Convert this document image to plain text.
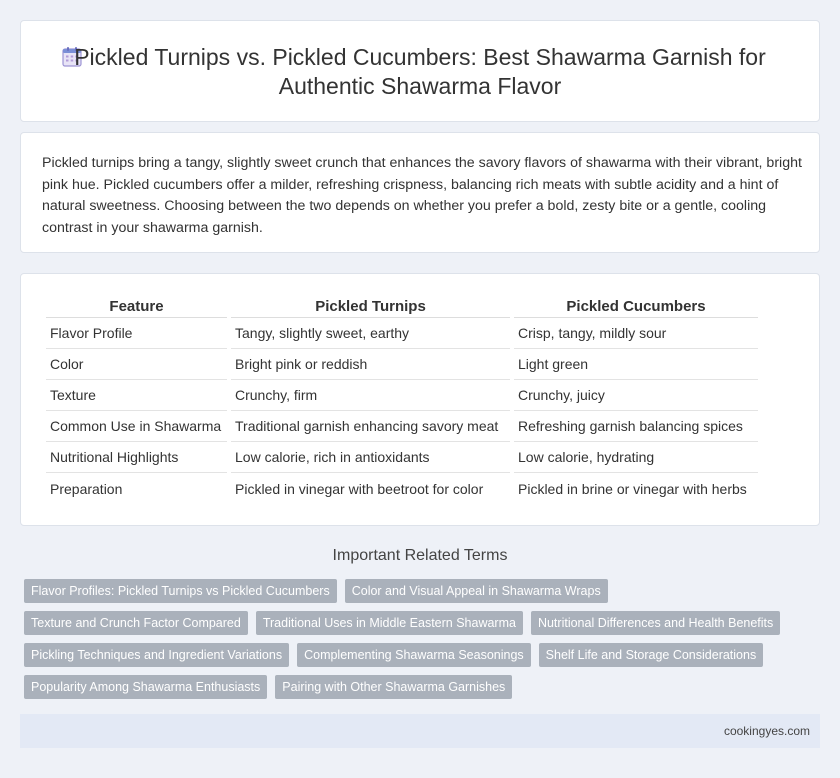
Pickled Turnips vs. Pickled Cucumbers: Best Shawarma Garnish for Authentic Shawarma Flavor

Pickled turnips bring a tangy, slightly sweet crunch that enhances the savory flavors of shawarma with their vibrant, bright pink hue. Pickled cucumbers offer a milder, refreshing crispness, balancing rich meats with subtle acidity and a hint of natural sweetness. Choosing between the two depends on whether you prefer a bold, zesty bite or a gentle, cooling contrast in your shawarma garnish.

Feature	Pickled Turnips	Pickled Cucumbers
Flavor Profile	Tangy, slightly sweet, earthy	Crisp, tangy, mildly sour
Color	Bright pink or reddish	Light green
Texture	Crunchy, firm	Crunchy, juicy
Common Use in Shawarma	Traditional garnish enhancing savory meat	Refreshing garnish balancing spices
Nutritional Highlights	Low calorie, rich in antioxidants	Low calorie, hydrating
Preparation	Pickled in vinegar with beetroot for color	Pickled in brine or vinegar with herbs
Important Related Terms
Flavor Profiles: Pickled Turnips vs Pickled Cucumbers	Color and Visual Appeal in Shawarma Wraps
Texture and Crunch Factor Compared	Traditional Uses in Middle Eastern Shawarma	Nutritional Differences and Health Benefits
Pickling Techniques and Ingredient Variations	Complementing Shawarma Seasonings	Shelf Life and Storage Considerations
Popularity Among Shawarma Enthusiasts	Pairing with Other Shawarma Garnishes
cookingyes.com
